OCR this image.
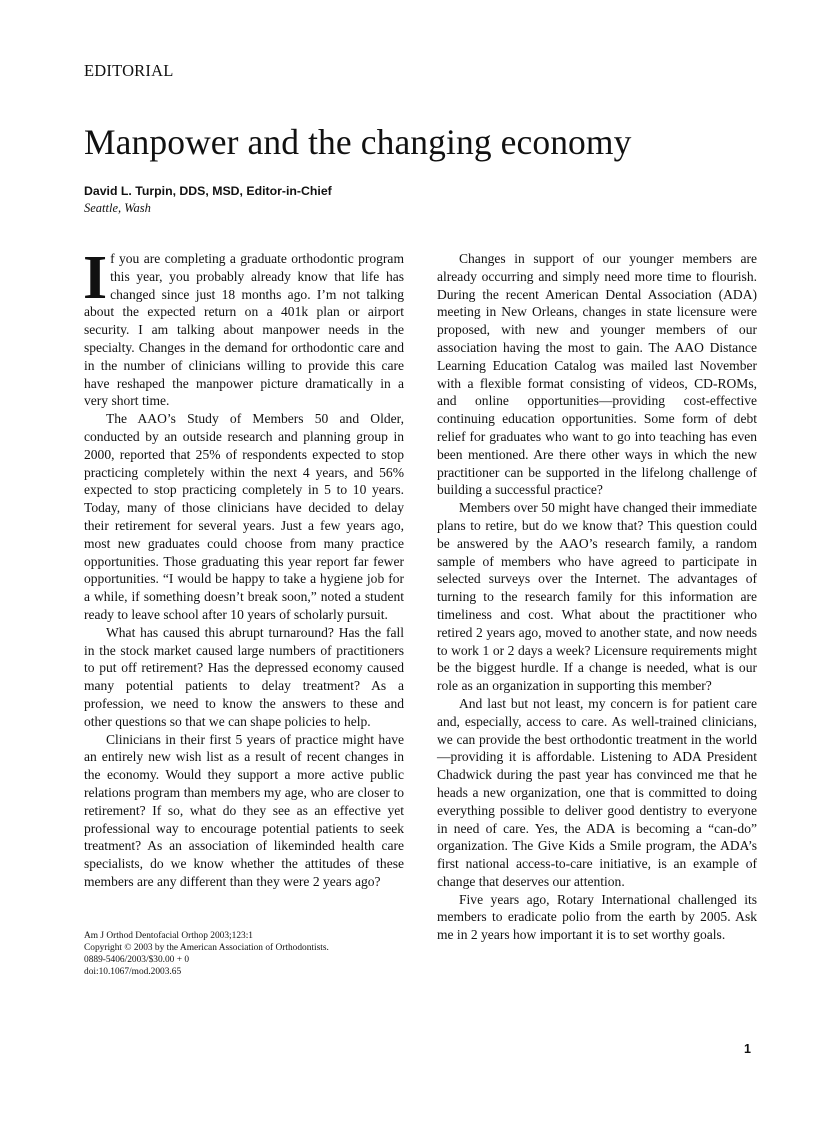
EDITORIAL
Manpower and the changing economy
David L. Turpin, DDS, MSD, Editor-in-Chief
Seattle, Wash

If you are completing a graduate orthodontic program this year, you probably already know that life has changed since just 18 months ago. I’m not talking about the expected return on a 401k plan or airport security. I am talking about manpower needs in the specialty. Changes in the demand for orthodontic care and in the number of clinicians willing to provide this care have reshaped the manpower picture dramatically in a very short time.

The AAO’s Study of Members 50 and Older, conducted by an outside research and planning group in 2000, reported that 25% of respondents expected to stop practicing completely within the next 4 years, and 56% expected to stop practicing completely in 5 to 10 years. Today, many of those clinicians have decided to delay their retirement for several years. Just a few years ago, most new graduates could choose from many practice opportunities. Those graduating this year report far fewer opportunities. “I would be happy to take a hygiene job for a while, if something doesn’t break soon,” noted a student ready to leave school after 10 years of scholarly pursuit.

What has caused this abrupt turnaround? Has the fall in the stock market caused large numbers of practitioners to put off retirement? Has the depressed economy caused many potential patients to delay treatment? As a profession, we need to know the answers to these and other questions so that we can shape policies to help.

Clinicians in their first 5 years of practice might have an entirely new wish list as a result of recent changes in the economy. Would they support a more active public relations program than members my age, who are closer to retirement? If so, what do they see as an effective yet professional way to encourage potential patients to seek treatment? As an association of likeminded health care specialists, do we know whether the attitudes of these members are any different than they were 2 years ago?

Am J Orthod Dentofacial Orthop 2003;123:1
Copyright © 2003 by the American Association of Orthodontists.
0889-5406/2003/$30.00 + 0
doi:10.1067/mod.2003.65

Changes in support of our younger members are already occurring and simply need more time to flourish. During the recent American Dental Association (ADA) meeting in New Orleans, changes in state licensure were proposed, with new and younger members of our association having the most to gain. The AAO Distance Learning Education Catalog was mailed last November with a flexible format consisting of videos, CD-ROMs, and online opportunities—providing cost-effective continuing education opportunities. Some form of debt relief for graduates who want to go into teaching has even been mentioned. Are there other ways in which the new practitioner can be supported in the lifelong challenge of building a successful practice?

Members over 50 might have changed their immediate plans to retire, but do we know that? This question could be answered by the AAO’s research family, a random sample of members who have agreed to participate in selected surveys over the Internet. The advantages of turning to the research family for this information are timeliness and cost. What about the practitioner who retired 2 years ago, moved to another state, and now needs to work 1 or 2 days a week? Licensure requirements might be the biggest hurdle. If a change is needed, what is our role as an organization in supporting this member?

And last but not least, my concern is for patient care and, especially, access to care. As well-trained clinicians, we can provide the best orthodontic treatment in the world—providing it is affordable. Listening to ADA President Chadwick during the past year has convinced me that he heads a new organization, one that is committed to doing everything possible to deliver good dentistry to everyone in need of care. Yes, the ADA is becoming a “can-do” organization. The Give Kids a Smile program, the ADA’s first national access-to-care initiative, is an example of change that deserves our attention.

Five years ago, Rotary International challenged its members to eradicate polio from the earth by 2005. Ask me in 2 years how important it is to set worthy goals.

1
